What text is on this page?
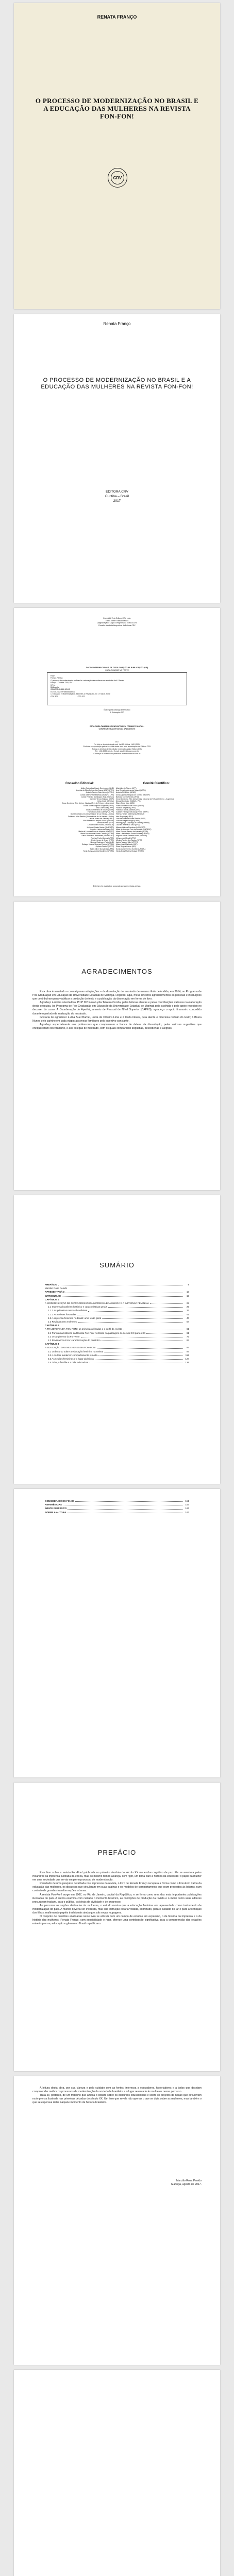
RENATA FRANÇO
O PROCESSO DE MODERNIZAÇÃO NO BRASIL E A EDUCAÇÃO DAS MULHERES NA REVISTA FON-FON!
CRV
Renata Franço
O PROCESSO DE MODERNIZAÇÃO NO BRASIL E A EDUCAÇÃO DAS MULHERES NA REVISTA FON-FON!
EDITORA CRV
Curitiba – Brasil
2017
Copyright © da Editora CRV Ltda.
Editor-chefe: Railson Moura
Diagramação e Capa: Designers da Editora CRV
Revisão: Analista Linguística da Editora CRV
DADOS INTERNACIONAIS DE CATALOGAÇÃO NA PUBLICAÇÃO (CIP)
CATALOGAÇÃO NA FONTE
F832
Franço, Renata
O processo de modernização no Brasil e a educação das mulheres na revista fon-fon! / Renata
Franço – Curitiba: CRV, 2017.
170 p.
Bibliografia
ISBN 978-85-444-1894-2
DOI 10.24824/978854441894.2
1. Educação 2. Modernização 3. Mulheres 4. Revista fon-fon I. Título II. Série
CDU 37.0                                        CDD 370
Índice para catálogo sistemático
1. Educação 370
ESTA OBRA TAMBÉM SE ENCONTRA EM FORMATO DIGITAL.
CONHEÇA E BAIXE NOSSO APLICATIVO!
2017
Foi feito o depósito legal conf. Lei 10.994 de 14/12/2004
Proibida a reprodução parcial ou total desta obra sem autorização da Editora CRV
Todos os direitos desta edição reservados pela: Editora CRV
Tel.: (41) 3039-6418 – E-mail: sac@editoracrv.com.br
Conheça os nossos lançamentos: www.editoracrv.com.br
Conselho Editorial:	Comitê Científico:
Aldira Guimarães Duarte Domínguez (UNB)	Altair Alberto Fávero (UPF)
Andréia da Silva Quintanilha Sousa (UNIR/UFRN)	Ana Chrystina Venancio Mignot (UERJ)
Antônio Pereira Gaio Júnior (UFRRJ)	Andréia N. Militão (UEMS)
Carlos Alberto Vilar Estêvão (UMINHO – PT)	Anna Augusta Sampaio de Oliveira (UNESP)
Carlos Federico Dominguez Avila (Unieuro)	Barbara Coelho Neves (UFBA)
Carmen Tereza Velanga (UNIR)	Cesar Gerónimo Tello (Universidad Nacional de Três de Febrero – Argentina)
Celso Conti (UFSCar)	Diosnel Centurion (UNIDA – PY)
Cesar Gerónimo Tello (Univer. Nacional Três de Febrero – Argentina)	Eliane Rose Maio (UEM)
Elione Maria Nogueira Diogenes (UFAL)	Elizeu Clementino de Souza (UNEB)
Élsio José Corá (UFFS)	Fauston Negreiros (UFPI)
Elizeu Clementino de Souza (UNEB)	Francisco Ari de Andrade (UFC)
Francisco Carlos Duarte (PUC-PR)	Gustavo Henrique de Araújo Freire (UFPE)
Gloria Fariñas León (Universidade de La Havana – Cuba)	Helena Harumi Maltempi (UNESPAR)
Guillermo Arias Beatón (Universidade de La Havana – Cuba)	Inês Bragança (UERJ)
Jailson Alves dos Santos (UFRJ)	José de Ribamar Sousa Pereira (UCB)
João Adalberto Campato Junior (UNESP)	Jussara Fraga Portugal (UNEB)
Josania Portela (UFPI)	Kilwangy Kya Kapitango-a-Samba (Unemat)
Leonel Severo Rocha (UNISINOS)	Lourdes Helena da Silva (UFV)
Lídia de Oliveira Xavier (UNIEURO)	Marcos Vinicius Francisco (UNOESTE)
Lourdes Helena da Silva (UFV)	Maria de Lourdes Pinto de Almeida (UNOESC)
Maria de Lourdes Pinto de Almeida (UNOESC)	Maria Eurácia Barreto de Andrade (UFRB)
Maria Lília Imbiriba Sousa Colares (UFOPA)	Maria Lília Imbiriba Sousa Colares (UFOPA)
Paulo Romualdo Hernandes (UNIFAL-MG)	Míghian Danae Ferreira Nunes (UNILAB)
Rodrigo Pratte-Santos (UFES)	Mohammed Elhajji (UFRJ)
Sérgio Nunes de Jesus (IFRO)	Mônica Pereira dos Santos (UFRJ)
Simone Rodrigues Pinto (UNB)	Najela Tavares Ujiie (UTFPR)
Solange Helena Ximenes-Rocha (UFOPA)	Nilson José Machado (USP)
Sydione Santos (UEPG)	Silvia Regina Canan (URI)
Tadeu Oliver Gonçalves (UFPA)	Sonia Maria Ferreira Koehler (UNISAL)
Tania Suely Azevedo Brasileiro (UFOPA)	Vânia Alves Martins Chaigar (FURG)
Este livro foi avaliado e aprovado por pareceristas ad hoc.
AGRADECIMENTOS

Esta obra é resultado – com algumas adaptações – da dissertação de mestrado de mesmo título defendida, em 2014, no Programa de Pós-Graduação em Educação da Universidade Estadual de Maringá. Registro, aqui, meus sinceros agradecimentos às pessoas e instituições que contribuíram para viabilizar a produção do texto e a publicação da dissertação em forma de livro.

Agradeço à minha orientadora, Profª Drª Rosa Lydia Teixeira Corrêa, pelas leituras atentas e pelas contribuições valiosas na elaboração desta pesquisa. Ao Programa de Pós-Graduação em Educação da Universidade Estadual de Maringá pela acolhida e pelo apoio recebido no decorrer do curso. À Coordenação de Aperfeiçoamento de Pessoal de Nível Superior (CAPES), agradeço o apoio financeiro concedido durante o período de realização do mestrado.

Gostaria de agradecer à Ana Suel Barbel, Lucia de Oliveira Lima e à Carla Neves, pela atenta e criteriosa revisão do texto; à Bruna Nunes pelo carinho em cada etapa; aos meus familiares pelo incentivo constante.

Agradeço especialmente aos professores que compuseram a banca de defesa da dissertação, pelas valiosas sugestões que enriqueceram este trabalho, e aos colegas de mestrado, com os quais compartilhei angústias, descobertas e alegrias.

SUMÁRIO
PREFÁCIO	9
Marcilio Rosa Penido
APRESENTAÇÃO	13
INTRODUÇÃO	15
CAPÍTULO 1
A MODERNIZAÇÃO DE O PROGRESSO DA IMPRENSA BRASILEIRA E A IMPRENSA FEMININA	25
1.1 Imprensa brasileira: histórico e características gerais	25
1.1.1 As primeiras revistas brasileiras	37
1.1.2 As revistas ilustradas	41
1.2 A imprensa feminina no Brasil: uma visão geral	47
1.3 Revistas para mulheres	54
CAPÍTULO 2
A TRAJETÓRIA DA FON-FON!: as primeiras décadas e o perfil da revista	61
2.1 Panorama histórico da Revista Fon-Fon! no Brasil na passagem do século XIX para o XX	61
2.2 O surgimento da Fon-Fon!	72
2.3 Revista Fon-Fon!: caracterização do periódico	83
CAPÍTULO 3
A EDUCAÇÃO DAS MULHERES NA FON-FON!	97
3.1 O discurso sobre a educação feminina na revista	97
3.2 A mulher moderna: comportamento e moda	112
3.3 As seções femininas e o lugar da leitora	124
3.4 O lar, a família e a mãe educadora	136
CONSIDERAÇÕES FINAIS	151
REFERÊNCIAS	157
ÍNDICE REMISSIVO	163
SOBRE A AUTORA	167
PREFÁCIO

Este livro sobre a revista Fon-Fon! publicada no primeiro decênio do século XX me enche cognitivo de paz. Ele se aventura pelos meandros da imprensa ilustrada da época, mas ao mesmo tempo alcança, com rigor, um tema caro à história da educação: o papel da mulher em uma sociedade que se via em pleno processo de modernização.

Resultado de uma pesquisa detalhada nos impressos da revista, o livro de Renata Franço recupera a forma como a Fon-Fon! tratou da educação das mulheres, os discursos que circularam em suas páginas e os modelos de comportamento que eram propostos às leitoras, num contexto de grandes transformações urbanas.

A revista Fon-Fon! surge em 1907, no Rio de Janeiro, capital da República, e se firma como uma das mais importantes publicações ilustradas do país. A autora examina com cuidado o momento histórico, as condições de produção da revista e o modo como seus editores procuravam traduzir, para o público, os ideais de civilidade e de progresso.

Ao percorrer as seções dedicadas às mulheres, o estudo mostra que a educação feminina era apresentada como instrumento de modernização do país. A mulher deveria ser instruída, mas sua instrução estaria voltada, sobretudo, para o cuidado do lar e para a formação dos filhos, reafirmando papéis tradicionais ainda que sob novas roupagens.

O conjunto de questões analisadas neste livro se articula com um campo de estudos em expansão, o da história da imprensa e o da história das mulheres. Renata Franço, com sensibilidade e rigor, oferece uma contribuição significativa para a compreensão das relações entre imprensa, educação e gênero no Brasil republicano.

A leitura desta obra, por sua clareza e pelo cuidado com as fontes, interessa a educadores, historiadores e a todos que desejam compreender melhor os processos de modernização da sociedade brasileira e o lugar reservado às mulheres nesse percurso.

Trata-se, portanto, de um trabalho que amplia o debate sobre os discursos educacionais e sobre os projetos de nação que circulavam na imprensa ilustrada nas primeiras décadas do século XX. Um livro que revela não apenas o que se dizia sobre as mulheres, mas também o que se esperava delas naquele momento da história brasileira.

Marcilio Rosa Penido
Maringá, agosto de 2017.
